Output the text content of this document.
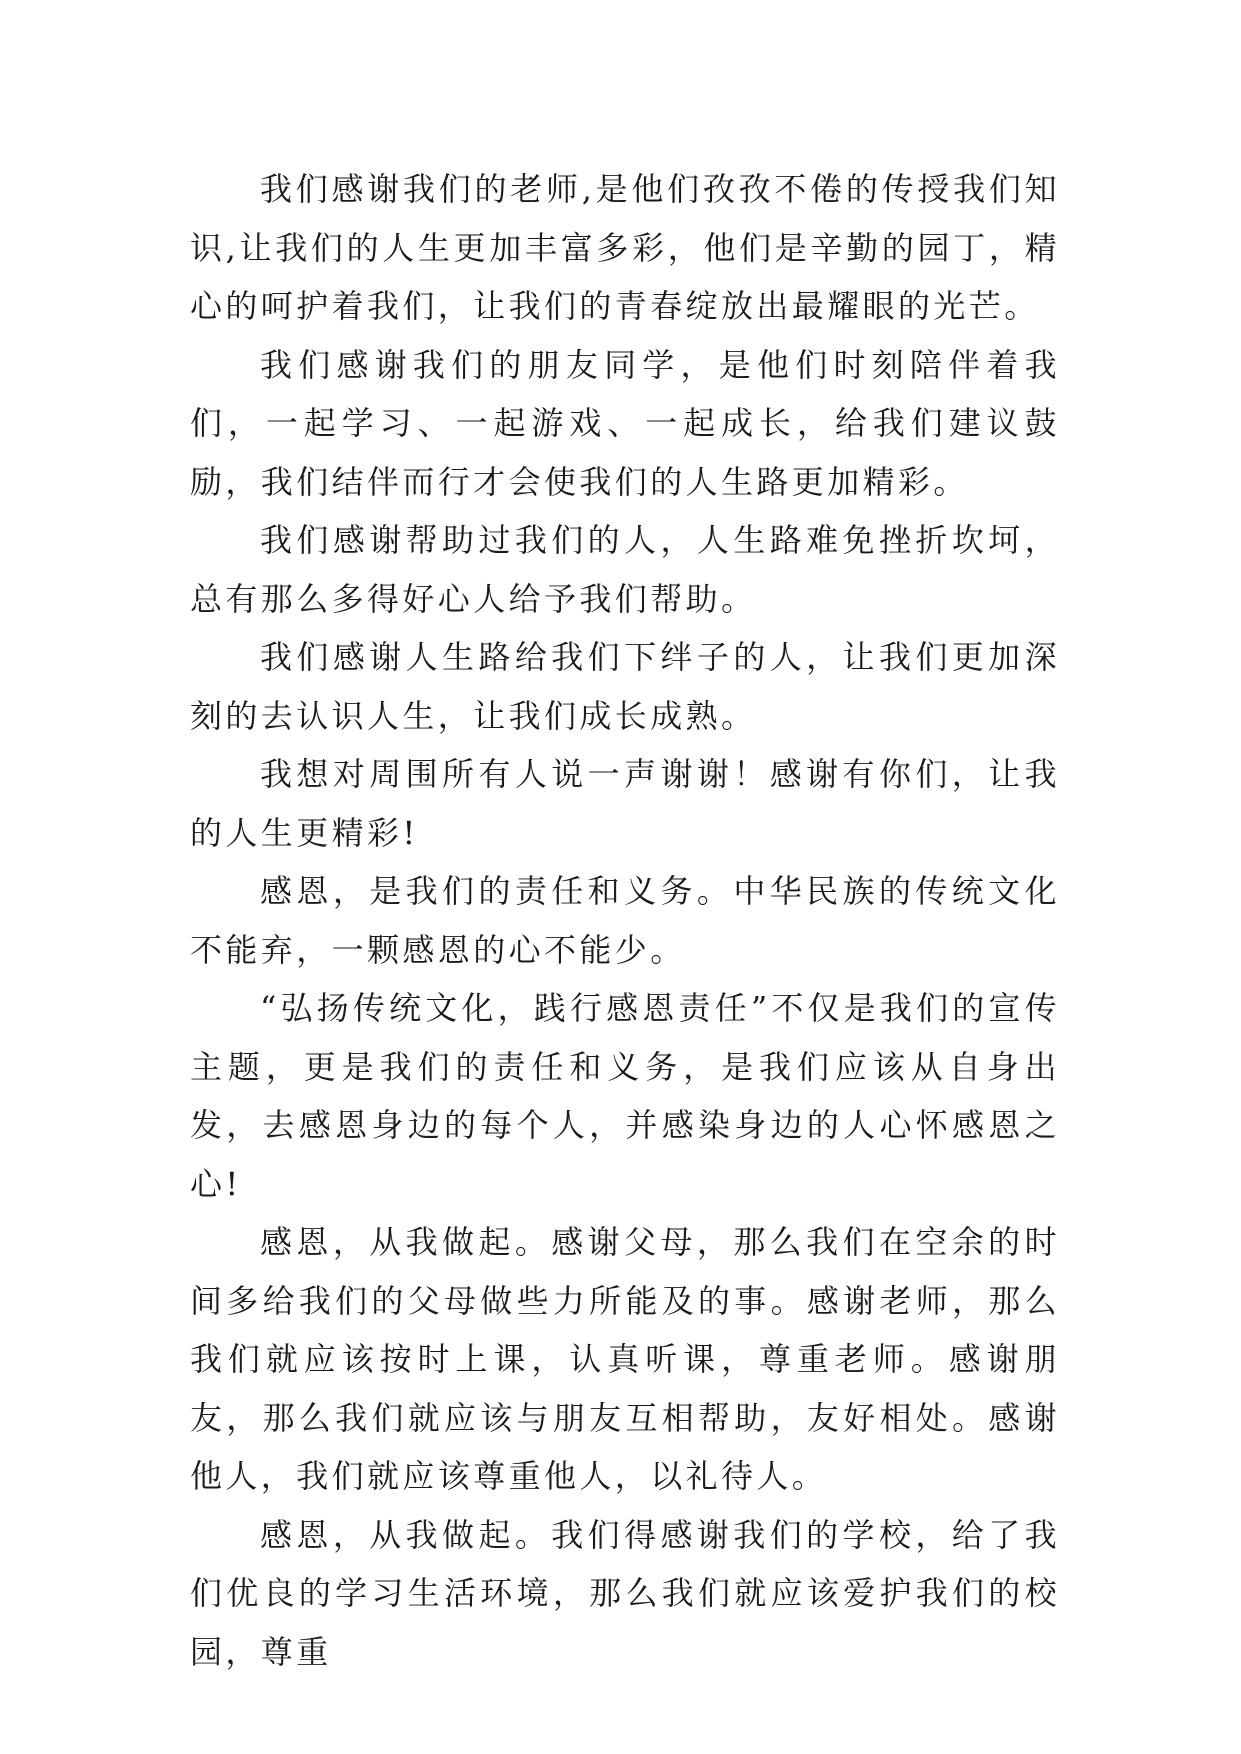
我们感谢我们的老师,是他们孜孜不倦的传授我们知识,让我们的人生更加丰富多彩，他们是辛勤的园丁，精心的呵护着我们，让我们的青春绽放出最耀眼的光芒。

我们感谢我们的朋友同学，是他们时刻陪伴着我们，一起学习、一起游戏、一起成长，给我们建议鼓励，我们结伴而行才会使我们的人生路更加精彩。

我们感谢帮助过我们的人，人生路难免挫折坎坷，总有那么多得好心人给予我们帮助。

我们感谢人生路给我们下绊子的人，让我们更加深刻的去认识人生，让我们成长成熟。

我想对周围所有人说一声谢谢！感谢有你们，让我的人生更精彩!

感恩，是我们的责任和义务。中华民族的传统文化不能弃，一颗感恩的心不能少。

“弘扬传统文化，践行感恩责任”不仅是我们的宣传主题，更是我们的责任和义务，是我们应该从自身出发，去感恩身边的每个人，并感染身边的人心怀感恩之心!

感恩，从我做起。感谢父母，那么我们在空余的时间多给我们的父母做些力所能及的事。感谢老师，那么我们就应该按时上课，认真听课，尊重老师。感谢朋友，那么我们就应该与朋友互相帮助，友好相处。感谢他人，我们就应该尊重他人，以礼待人。

感恩，从我做起。我们得感谢我们的学校，给了我们优良的学习生活环境，那么我们就应该爱护我们的校园，尊重
